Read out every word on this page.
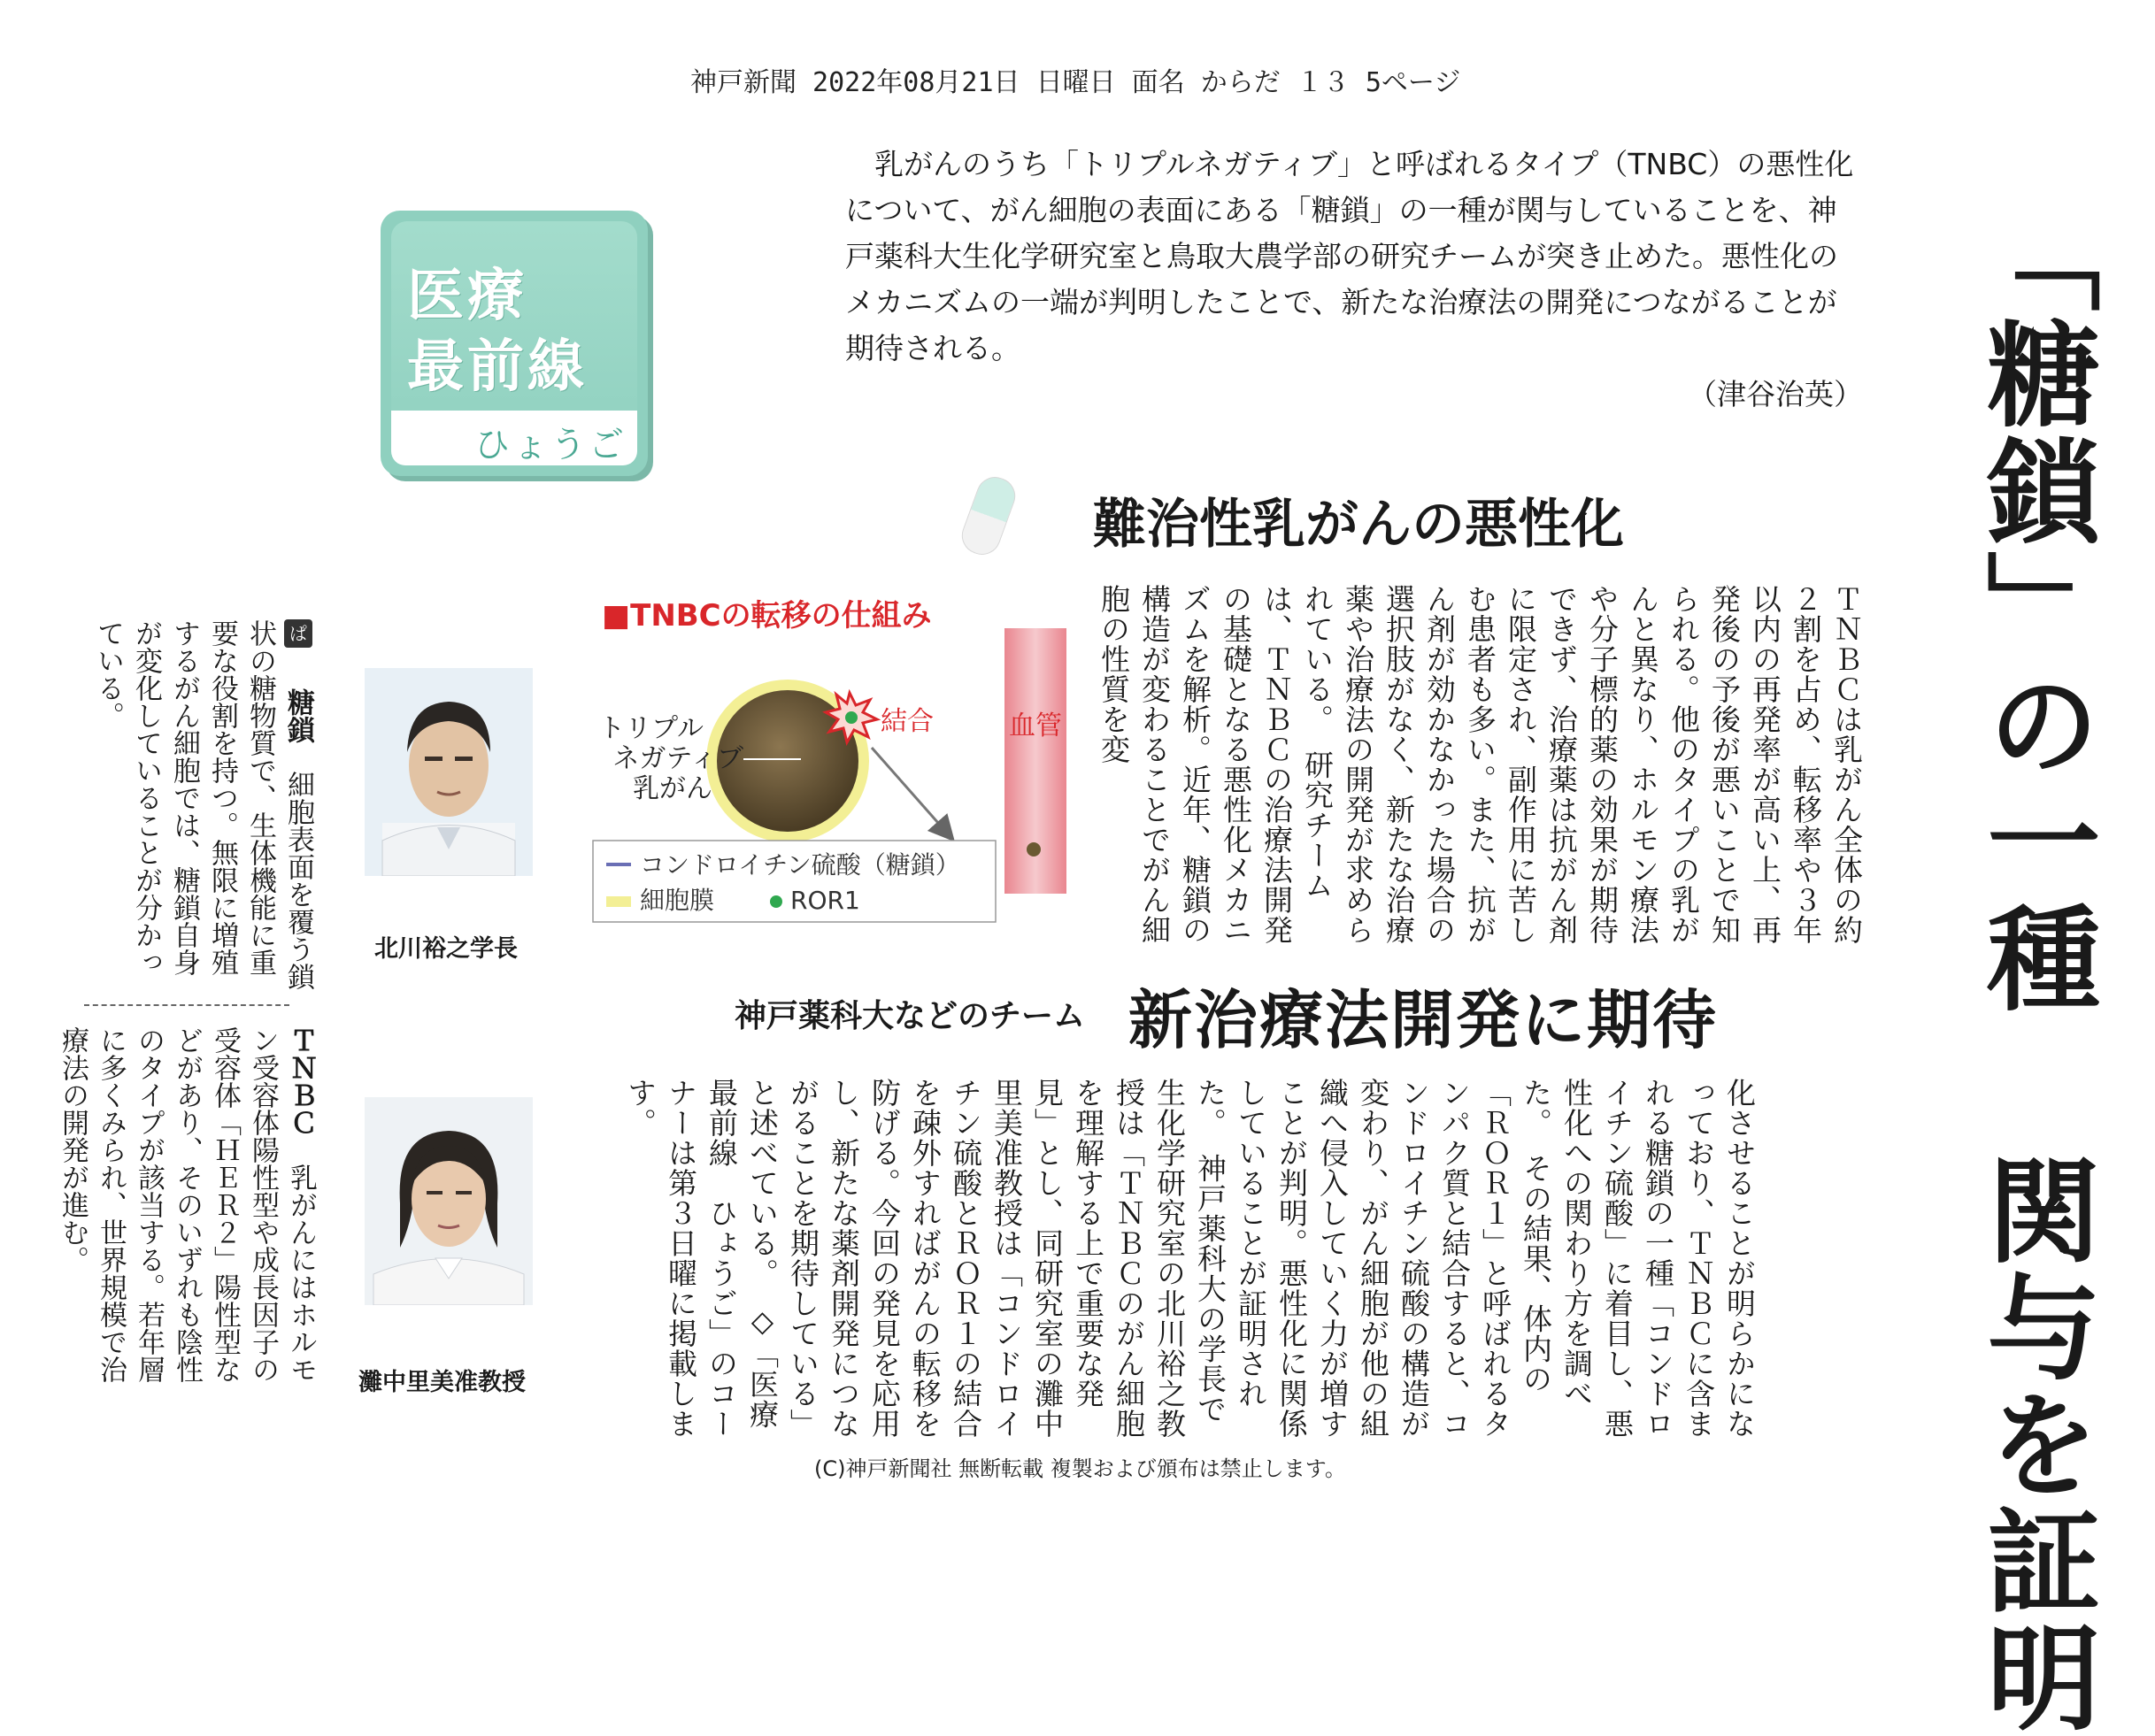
神戸新聞 2022年08月21日 日曜日 面名 からだ １３ 5ページ
医療
最前線
ひょうご
乳がんのうち「トリプルネガティブ」と呼ばれるタイプ（TNBC）の悪性化について、がん細胞の表面にある「糖鎖」の一種が関与していることを、神戸薬科大生化学研究室と鳥取大農学部の研究チームが突き止めた。悪性化のメカニズムの一端が判明したことで、新たな治療法の開発につながることが期待される。
（津谷治英） 「糖鎖」の一種 関与を証明
難治性乳がんの悪性化
神戸薬科大などのチーム 新治療法開発に期待
ＴＮＢＣは乳がん全体の約２割を占め、転移率や３年以内の再発率が高い上、再発後の予後が悪いことで知られる。他のタイプの乳がんと異なり、ホルモン療法や分子標的薬の効果が期待できず、治療薬は抗がん剤に限定され、副作用に苦しむ患者も多い。また、抗がん剤が効かなかった場合の選択肢がなく、新たな治療薬や治療法の開発が求められている。　研究チームは、ＴＮＢＣの治療法開発の基礎となる悪性化メカニズムを解析。近年、糖鎖の構造が変わることでがん細胞の性質を変
化させることが明らかになっており、ＴＮＢＣに含まれる糖鎖の一種「コンドロイチン硫酸」に着目し、悪性化への関わり方を調べた。　その結果、体内の「ＲＯＲ１」と呼ばれるタンパク質と結合すると、コンドロイチン硫酸の構造が変わり、がん細胞が他の組織へ侵入していく力が増すことが判明。悪性化に関係していることが証明された。　神戸薬科大の学長で生化学研究室の北川裕之教授は「ＴＮＢＣのがん細胞を理解する上で重要な発見」とし、同研究室の灘中里美准教授は「コンドロイチン硫酸とＲＯＲ１の結合を疎外すればがんの転移を防げる。今回の発見を応用し、新たな薬剤開発につながることを期待している」と述べている。　◇「医療最前線　ひょうご」のコーナーは第３日曜に掲載します。
ぱ 糖鎖　細胞表面を覆う鎖状の糖物質で、生体機能に重要な役割を持つ。無限に増殖するがん細胞では、糖鎖自身が変化していることが分かっている。
ＴＮＢＣ　乳がんにはホルモン受容体陽性型や成長因子の受容体「ＨＥＲ２」陽性型などがあり、そのいずれも陰性のタイプが該当する。若年層に多くみられ、世界規模で治療法の開発が進む。
■TNBCの転移の仕組み
血管
トリプル
ネガティブ
乳がん
結合
コンドロイチン硫酸（糖鎖）
細胞膜	ROR1
北川裕之学長
灘中里美准教授
(C)神戸新聞社 無断転載 複製および頒布は禁止します。
